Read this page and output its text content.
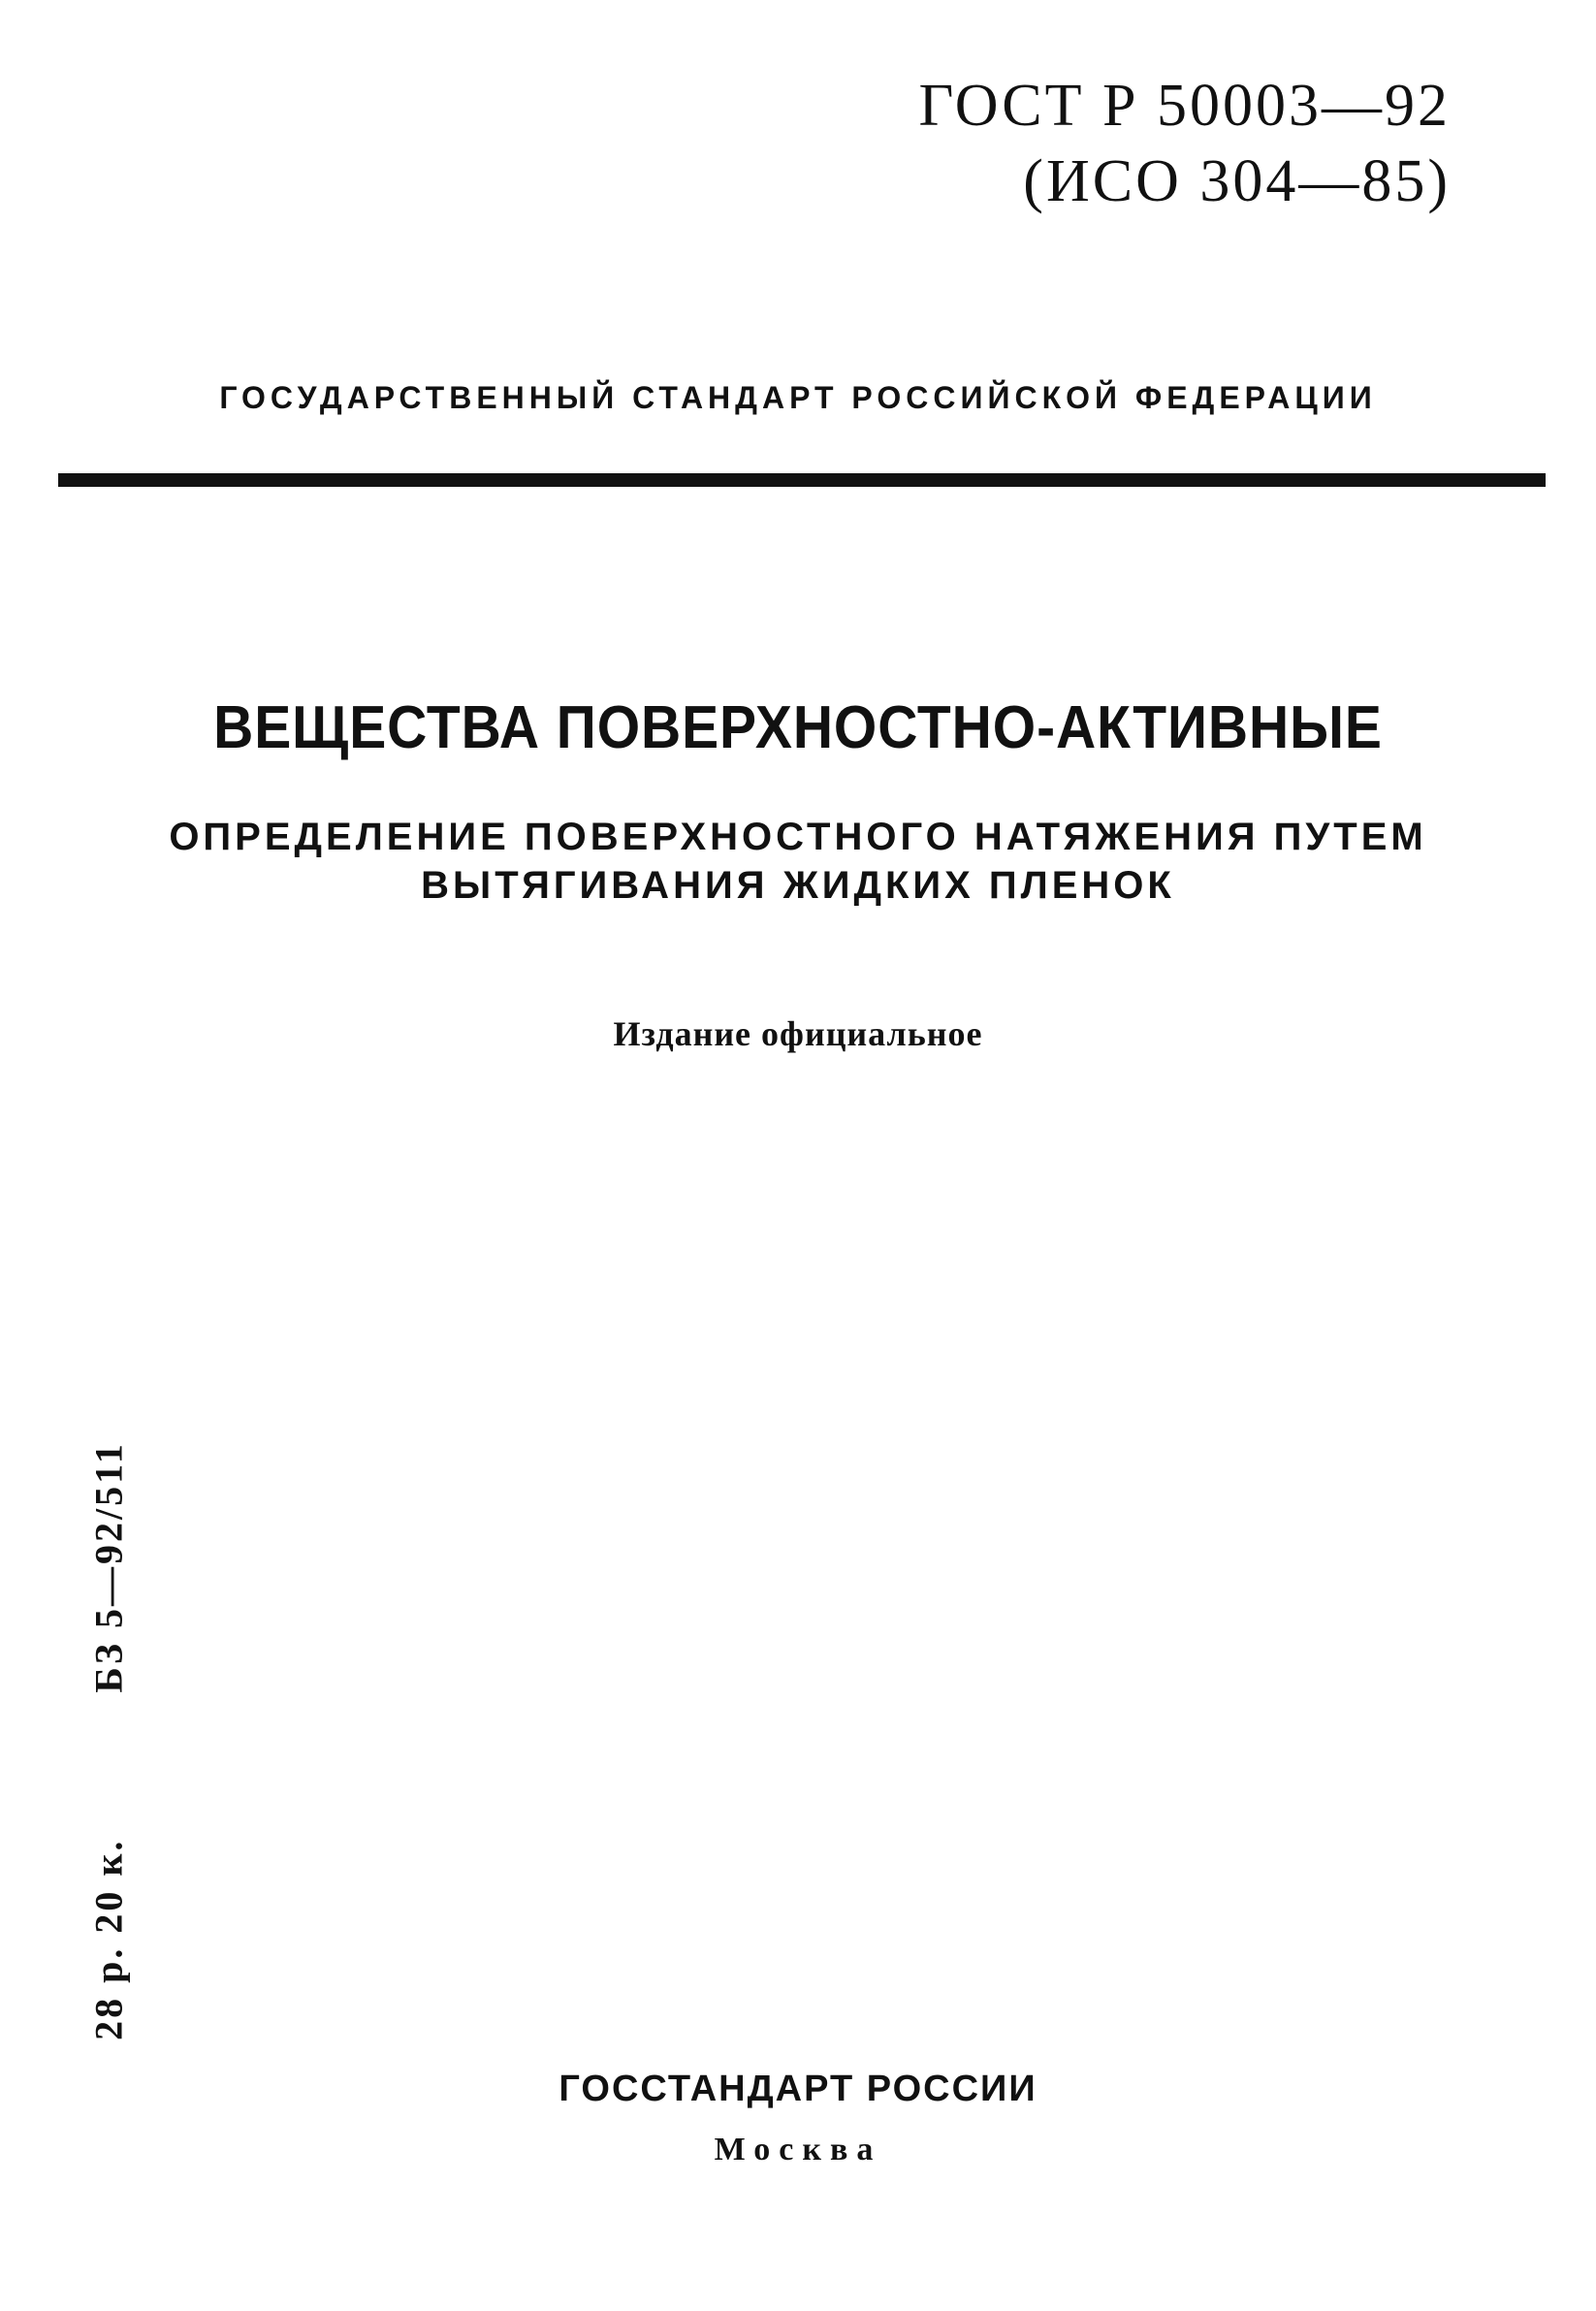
ГОСТ Р 50003—92
(ИСО 304—85)
ГОСУДАРСТВЕННЫЙ СТАНДАРТ РОССИЙСКОЙ ФЕДЕРАЦИИ
ВЕЩЕСТВА ПОВЕРХНОСТНО-АКТИВНЫЕ
ОПРЕДЕЛЕНИЕ ПОВЕРХНОСТНОГО НАТЯЖЕНИЯ ПУТЕМ
ВЫТЯГИВАНИЯ ЖИДКИХ ПЛЕНОК
Издание официальное
28 р. 20 к.БЗ 5—92/511
ГОССТАНДАРТ РОССИИ
Москва
